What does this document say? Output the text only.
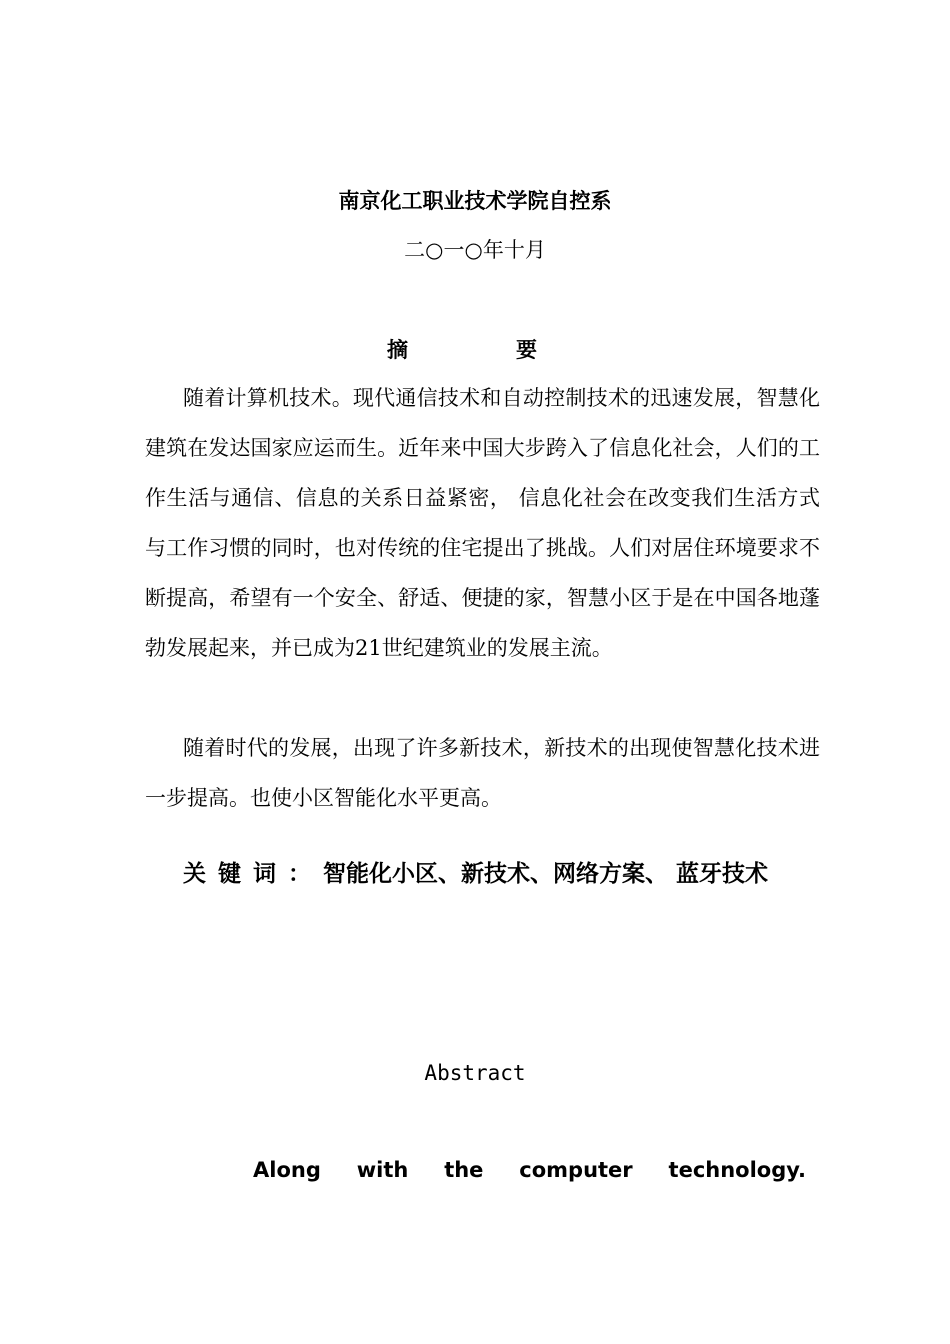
南京化工职业技术学院自控系
二○一○年十月
摘	要

随着计算机技术。现代通信技术和自动控制技术的迅速发展，智慧化建筑在发达国家应运而生。近年来中国大步跨入了信息化社会，人们的工作生活与通信、信息的关系日益紧密， 信息化社会在改变我们生活方式与工作习惯的同时，也对传统的住宅提出了挑战。人们对居住环境要求不断提高，希望有一个安全、舒适、便捷的家，智慧小区于是在中国各地蓬勃发展起来，并已成为21世纪建筑业的发展主流。

随着时代的发展，出现了许多新技术，新技术的出现使智慧化技术进一步提高。也使小区智能化水平更高。

关键词：智能化小区、新技术、网络方案、 蓝牙技术

Abstract
Along with the computer technology.
